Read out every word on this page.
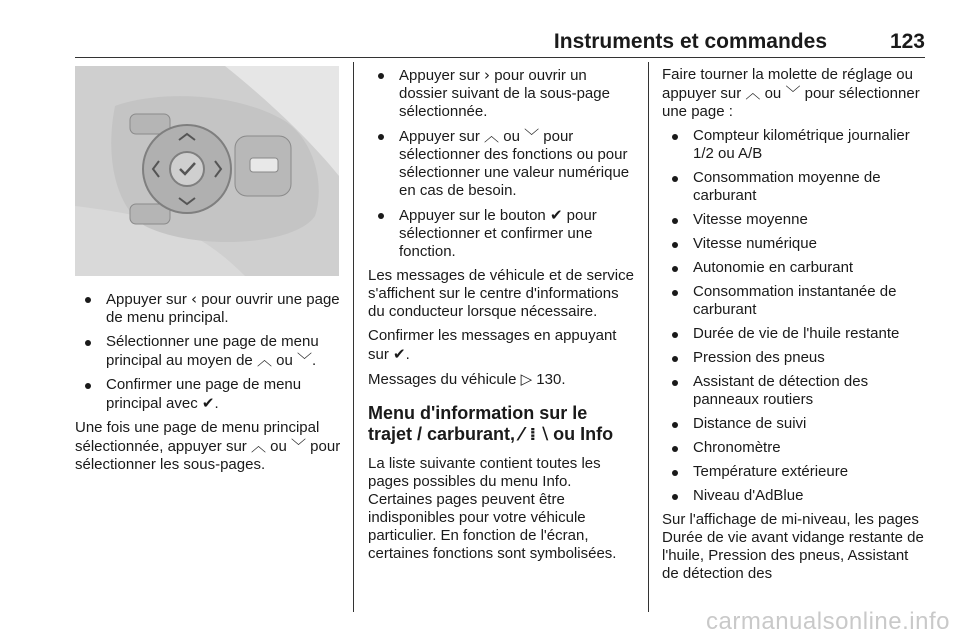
Instruments et commandes	123
Appuyer sur ‹ pour ouvrir une page de menu principal.
Sélectionner une page de menu principal au moyen de ︿ ou ﹀.
Confirmer une page de menu principal avec ✔.

Une fois une page de menu principal sélectionnée, appuyer sur ︿ ou ﹀ pour sélectionner les sous-pages.

Appuyer sur › pour ouvrir un dossier suivant de la sous-page sélectionnée.
Appuyer sur ︿ ou ﹀ pour sélectionner des fonctions ou pour sélectionner une valeur numérique en cas de besoin.
Appuyer sur le bouton ✔ pour sélectionner et confirmer une fonction.

Les messages de véhicule et de service s'affichent sur le centre d'informations du conducteur lorsque nécessaire.

Confirmer les messages en appuyant sur ✔.

Messages du véhicule ▷ 130.

Menu d'information sur le trajet / carburant, ⁄ ⁞ ⧵ ou Info

La liste suivante contient toutes les pages possibles du menu Info. Certaines pages peuvent être indisponibles pour votre véhicule particulier. En fonction de l'écran, certaines fonctions sont symbolisées.

Faire tourner la molette de réglage ou appuyer sur ︿ ou ﹀ pour sélectionner une page :

Compteur kilométrique journalier 1/2 ou A/B
Consommation moyenne de carburant
Vitesse moyenne
Vitesse numérique
Autonomie en carburant
Consommation instantanée de carburant
Durée de vie de l'huile restante
Pression des pneus
Assistant de détection des panneaux routiers
Distance de suivi
Chronomètre
Température extérieure
Niveau d'AdBlue

Sur l'affichage de mi-niveau, les pages Durée de vie avant vidange restante de l'huile, Pression des pneus, Assistant de détection des

carmanualsonline.info
